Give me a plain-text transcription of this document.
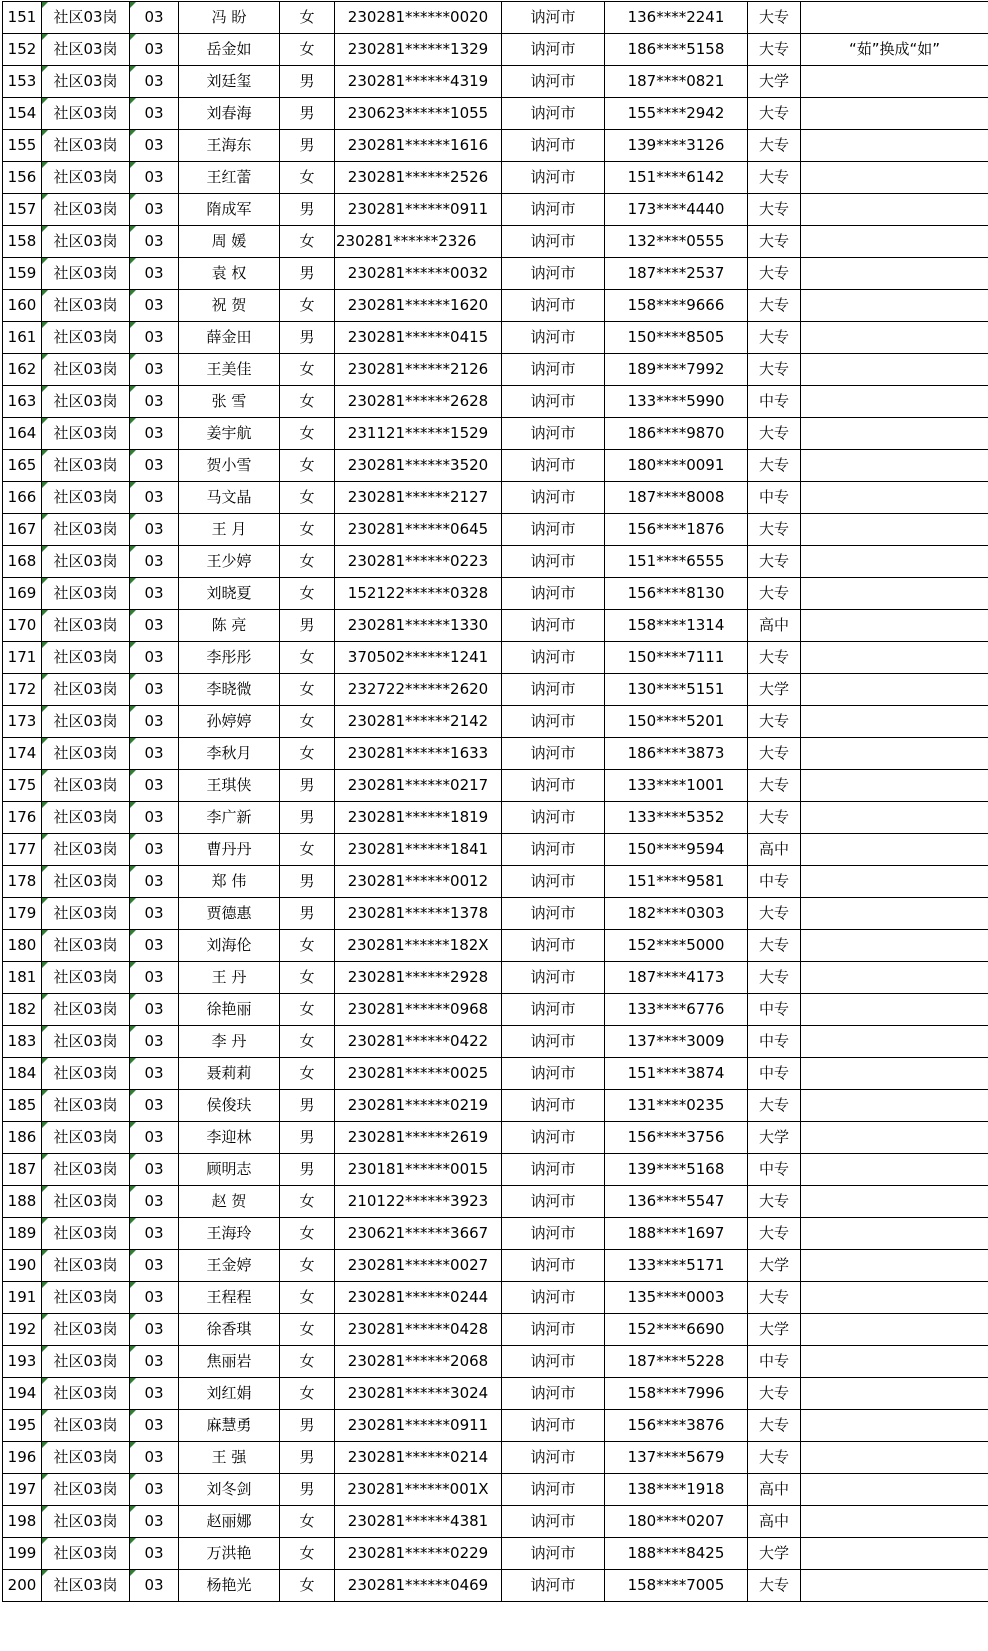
151	社区03岗	03	冯 盼	女	230281******0020	讷河市	136****2241	大专	
152	社区03岗	03	岳金如	女	230281******1329	讷河市	186****5158	大专	“茹”换成“如”
153	社区03岗	03	刘廷玺	男	230281******4319	讷河市	187****0821	大学	
154	社区03岗	03	刘春海	男	230623******1055	讷河市	155****2942	大专	
155	社区03岗	03	王海东	男	230281******1616	讷河市	139****3126	大专	
156	社区03岗	03	王红蕾	女	230281******2526	讷河市	151****6142	大专	
157	社区03岗	03	隋成军	男	230281******0911	讷河市	173****4440	大专	
158	社区03岗	03	周 媛	女	230281******2326	讷河市	132****0555	大专	
159	社区03岗	03	袁 权	男	230281******0032	讷河市	187****2537	大专	
160	社区03岗	03	祝 贺	女	230281******1620	讷河市	158****9666	大专	
161	社区03岗	03	薛金田	男	230281******0415	讷河市	150****8505	大专	
162	社区03岗	03	王美佳	女	230281******2126	讷河市	189****7992	大专	
163	社区03岗	03	张 雪	女	230281******2628	讷河市	133****5990	中专	
164	社区03岗	03	姜宇航	女	231121******1529	讷河市	186****9870	大专	
165	社区03岗	03	贺小雪	女	230281******3520	讷河市	180****0091	大专	
166	社区03岗	03	马文晶	女	230281******2127	讷河市	187****8008	中专	
167	社区03岗	03	王 月	女	230281******0645	讷河市	156****1876	大专	
168	社区03岗	03	王少婷	女	230281******0223	讷河市	151****6555	大专	
169	社区03岗	03	刘晓夏	女	152122******0328	讷河市	156****8130	大专	
170	社区03岗	03	陈 亮	男	230281******1330	讷河市	158****1314	高中	
171	社区03岗	03	李彤彤	女	370502******1241	讷河市	150****7111	大专	
172	社区03岗	03	李晓微	女	232722******2620	讷河市	130****5151	大学	
173	社区03岗	03	孙婷婷	女	230281******2142	讷河市	150****5201	大专	
174	社区03岗	03	李秋月	女	230281******1633	讷河市	186****3873	大专	
175	社区03岗	03	王琪侠	男	230281******0217	讷河市	133****1001	大专	
176	社区03岗	03	李广新	男	230281******1819	讷河市	133****5352	大专	
177	社区03岗	03	曹丹丹	女	230281******1841	讷河市	150****9594	高中	
178	社区03岗	03	郑 伟	男	230281******0012	讷河市	151****9581	中专	
179	社区03岗	03	贾德惠	男	230281******1378	讷河市	182****0303	大专	
180	社区03岗	03	刘海伦	女	230281******182X	讷河市	152****5000	大专	
181	社区03岗	03	王 丹	女	230281******2928	讷河市	187****4173	大专	
182	社区03岗	03	徐艳丽	女	230281******0968	讷河市	133****6776	中专	
183	社区03岗	03	李 丹	女	230281******0422	讷河市	137****3009	中专	
184	社区03岗	03	聂莉莉	女	230281******0025	讷河市	151****3874	中专	
185	社区03岗	03	侯俊玞	男	230281******0219	讷河市	131****0235	大专	
186	社区03岗	03	李迎林	男	230281******2619	讷河市	156****3756	大学	
187	社区03岗	03	顾明志	男	230181******0015	讷河市	139****5168	中专	
188	社区03岗	03	赵 贺	女	210122******3923	讷河市	136****5547	大专	
189	社区03岗	03	王海玲	女	230621******3667	讷河市	188****1697	大专	
190	社区03岗	03	王金婷	女	230281******0027	讷河市	133****5171	大学	
191	社区03岗	03	王程程	女	230281******0244	讷河市	135****0003	大专	
192	社区03岗	03	徐香琪	女	230281******0428	讷河市	152****6690	大学	
193	社区03岗	03	焦丽岩	女	230281******2068	讷河市	187****5228	中专	
194	社区03岗	03	刘红娟	女	230281******3024	讷河市	158****7996	大专	
195	社区03岗	03	麻慧勇	男	230281******0911	讷河市	156****3876	大专	
196	社区03岗	03	王 强	男	230281******0214	讷河市	137****5679	大专	
197	社区03岗	03	刘冬剑	男	230281******001X	讷河市	138****1918	高中	
198	社区03岗	03	赵丽娜	女	230281******4381	讷河市	180****0207	高中	
199	社区03岗	03	万洪艳	女	230281******0229	讷河市	188****8425	大学	
200	社区03岗	03	杨艳光	女	230281******0469	讷河市	158****7005	大专	
